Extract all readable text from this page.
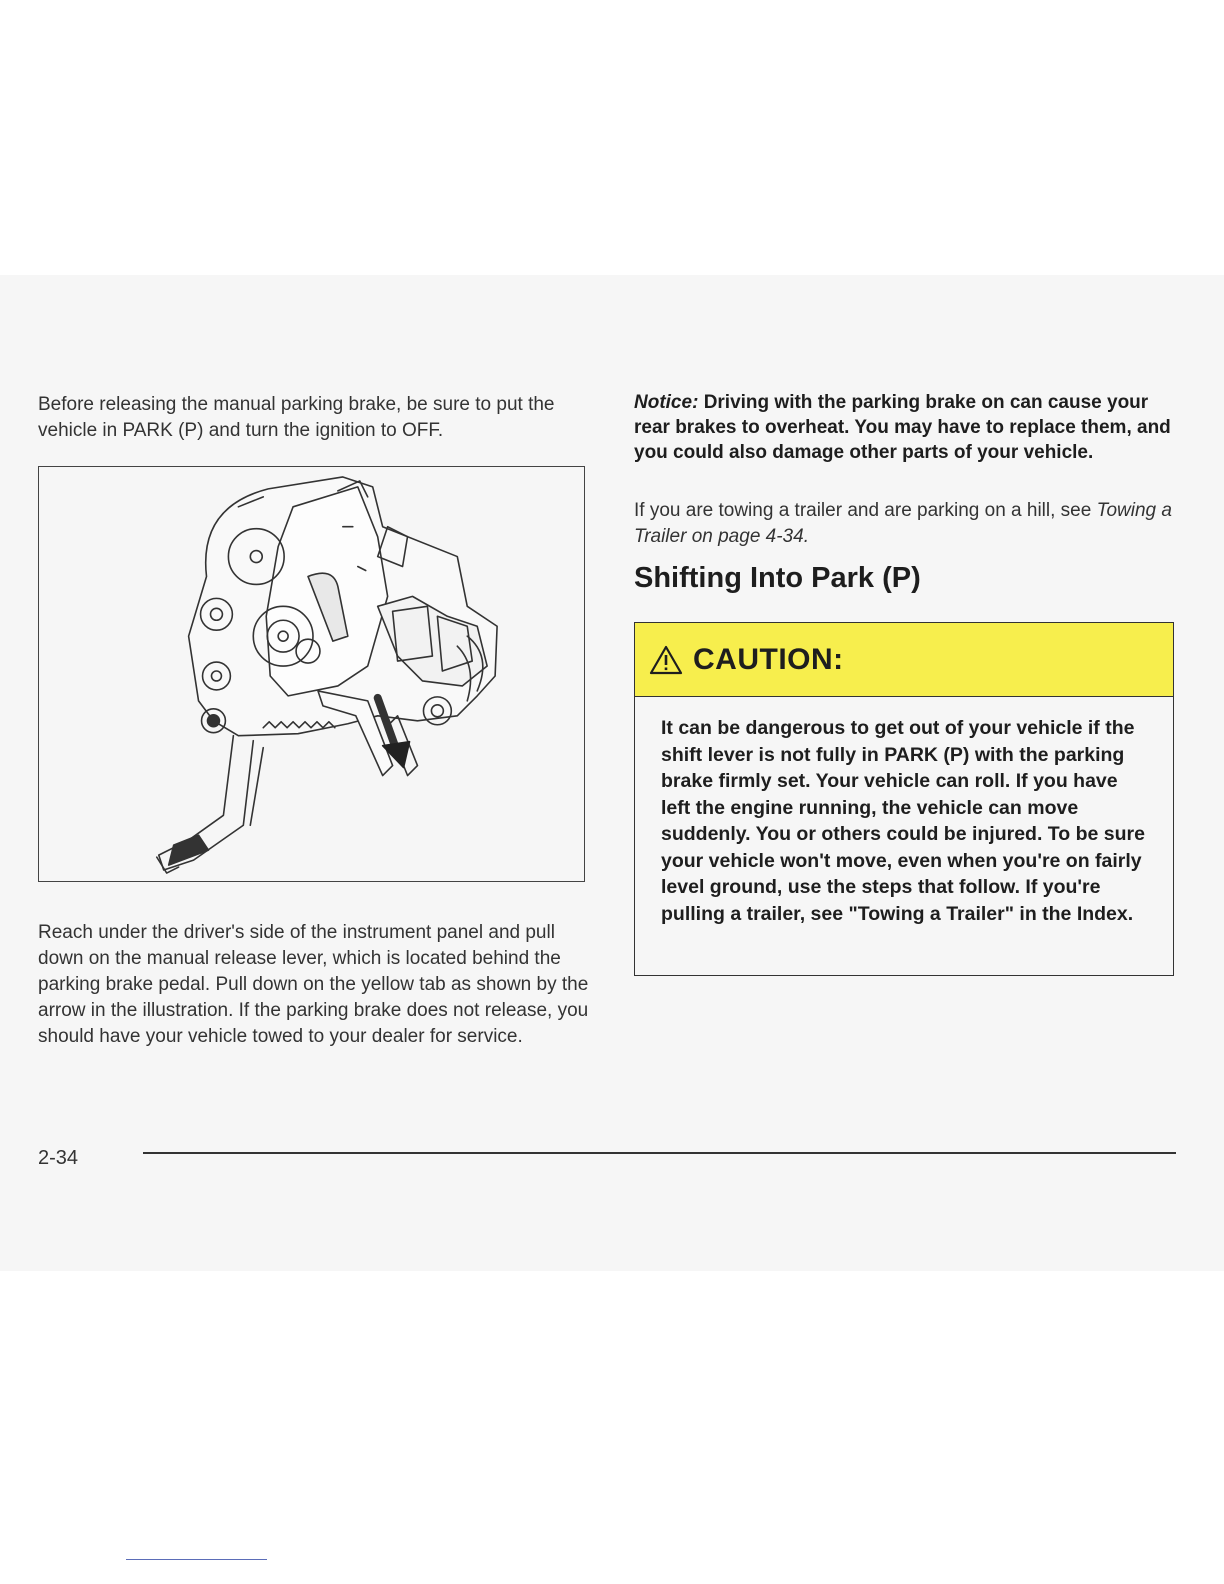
Before releasing the manual parking brake, be sure to put the vehicle in PARK (P) and turn the ignition to OFF.
Reach under the driver's side of the instrument panel and pull down on the manual release lever, which is located behind the parking brake pedal. Pull down on the yellow tab as shown by the arrow in the illustration. If the parking brake does not release, you should have your vehicle towed to your dealer for service.
Notice: Driving with the parking brake on can cause your rear brakes to overheat. You may have to replace them, and you could also damage other parts of your vehicle.
If you are towing a trailer and are parking on a hill, see Towing a Trailer on page 4-34.
Shifting Into Park (P)
CAUTION:
It can be dangerous to get out of your vehicle if the shift lever is not fully in PARK (P) with the parking brake firmly set. Your vehicle can roll. If you have left the engine running, the vehicle can move suddenly. You or others could be injured. To be sure your vehicle won't move, even when you're on fairly level ground, use the steps that follow. If you're pulling a trailer, see "Towing a Trailer" in the Index.
2-34
